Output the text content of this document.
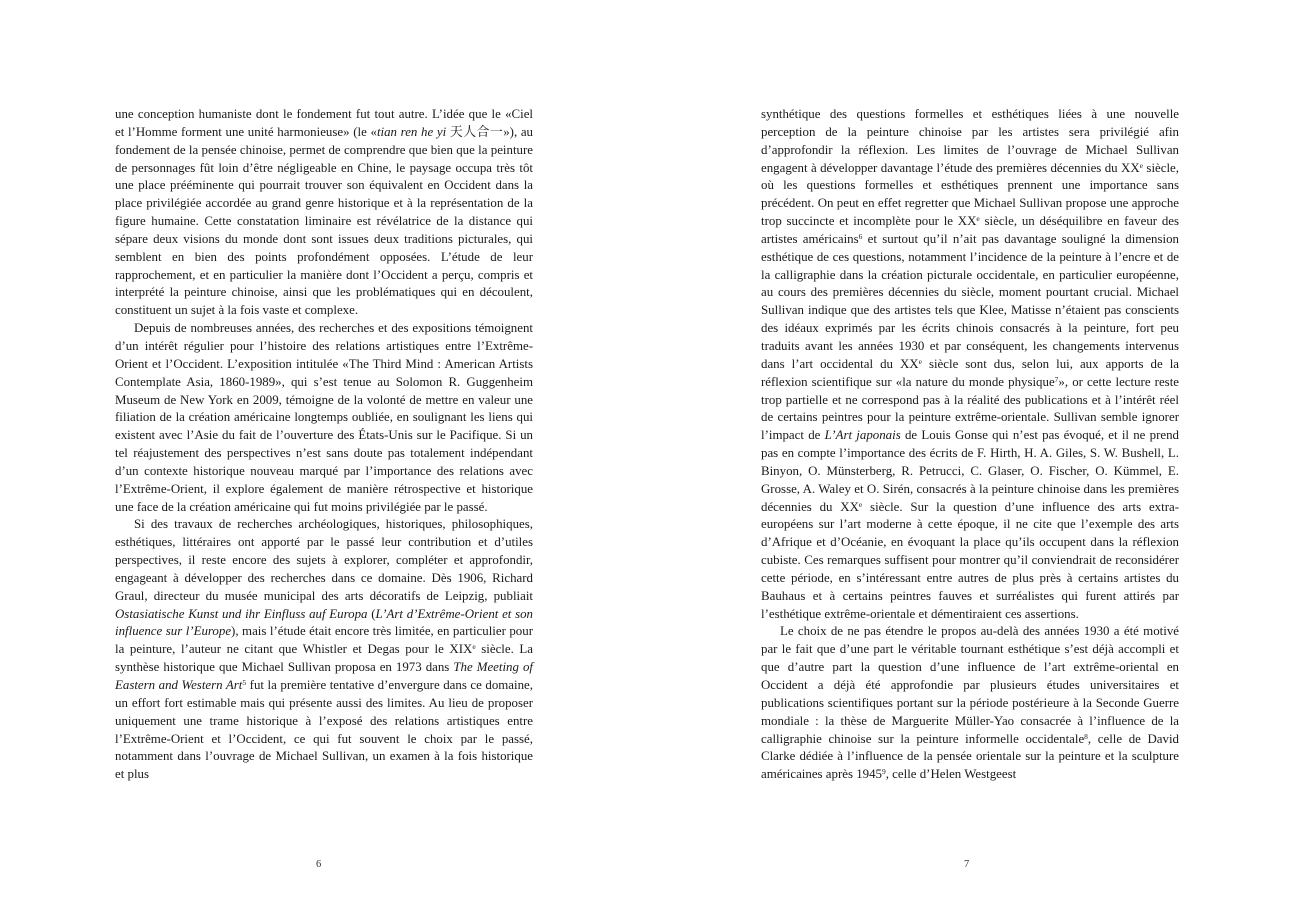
une conception humaniste dont le fondement fut tout autre. L’idée que le «Ciel et l’Homme forment une unité harmonieuse» (le «tian ren he yi 天人合一»), au fondement de la pensée chinoise, permet de comprendre que bien que la peinture de personnages fût loin d’être négligeable en Chine, le paysage occupa très tôt une place prééminente qui pourrait trouver son équivalent en Occident dans la place privilégiée accordée au grand genre historique et à la représentation de la figure humaine. Cette constatation liminaire est révélatrice de la distance qui sépare deux visions du monde dont sont issues deux traditions picturales, qui semblent en bien des points profondément opposées. L’étude de leur rapprochement, et en particulier la manière dont l’Occident a perçu, compris et interprété la peinture chinoise, ainsi que les problématiques qui en découlent, constituent un sujet à la fois vaste et complexe.

Depuis de nombreuses années, des recherches et des expositions témoignent d’un intérêt régulier pour l’histoire des relations artistiques entre l’Extrême-Orient et l’Occident. L’exposition intitulée «The Third Mind : American Artists Contemplate Asia, 1860-1989», qui s’est tenue au Solomon R. Guggenheim Museum de New York en 2009, témoigne de la volonté de mettre en valeur une filiation de la création américaine longtemps oubliée, en soulignant les liens qui existent avec l’Asie du fait de l’ouverture des États-Unis sur le Pacifique. Si un tel réajustement des perspectives n’est sans doute pas totalement indépendant d’un contexte historique nouveau marqué par l’importance des relations avec l’Extrême-Orient, il explore également de manière rétrospective et historique une face de la création américaine qui fut moins privilégiée par le passé.

Si des travaux de recherches archéologiques, historiques, philosophiques, esthétiques, littéraires ont apporté par le passé leur contribution et d’utiles perspectives, il reste encore des sujets à explorer, compléter et approfondir, engageant à développer des recherches dans ce domaine. Dès 1906, Richard Graul, directeur du musée municipal des arts décoratifs de Leipzig, publiait Ostasiatische Kunst und ihr Einfluss auf Europa (L’Art d’Extrême-Orient et son influence sur l’Europe), mais l’étude était encore très limitée, en particulier pour la peinture, l’auteur ne citant que Whistler et Degas pour le XIXe siècle. La synthèse historique que Michael Sullivan proposa en 1973 dans The Meeting of Eastern and Western Art$^5$ fut la première tentative d’envergure dans ce domaine, un effort fort estimable mais qui présente aussi des limites. Au lieu de proposer uniquement une trame historique à l’exposé des relations artistiques entre l’Extrême-Orient et l’Occident, ce qui fut souvent le choix par le passé, notamment dans l’ouvrage de Michael Sullivan, un examen à la fois historique et plus

6

synthétique des questions formelles et esthétiques liées à une nouvelle perception de la peinture chinoise par les artistes sera privilégié afin d’approfondir la réflexion. Les limites de l’ouvrage de Michael Sullivan engagent à développer davantage l’étude des premières décennies du XXe siècle, où les questions formelles et esthétiques prennent une importance sans précédent. On peut en effet regretter que Michael Sullivan propose une approche trop succincte et incomplète pour le XXe siècle, un déséquilibre en faveur des artistes américains$^6$ et surtout qu’il n’ait pas davantage souligné la dimension esthétique de ces questions, notamment l’incidence de la peinture à l’encre et de la calligraphie dans la création picturale occidentale, en particulier européenne, au cours des premières décennies du siècle, moment pourtant crucial. Michael Sullivan indique que des artistes tels que Klee, Matisse n’étaient pas conscients des idéaux exprimés par les écrits chinois consacrés à la peinture, fort peu traduits avant les années 1930 et par conséquent, les changements intervenus dans l’art occidental du XXe siècle sont dus, selon lui, aux apports de la réflexion scientifique sur «la nature du monde physique$^7$», or cette lecture reste trop partielle et ne correspond pas à la réalité des publications et à l’intérêt réel de certains peintres pour la peinture extrême-orientale. Sullivan semble ignorer l’impact de L’Art japonais de Louis Gonse qui n’est pas évoqué, et il ne prend pas en compte l’importance des écrits de F. Hirth, H. A. Giles, S. W. Bushell, L. Binyon, O. Münsterberg, R. Petrucci, C. Glaser, O. Fischer, O. Kümmel, E. Grosse, A. Waley et O. Sirén, consacrés à la peinture chinoise dans les premières décennies du XXe siècle. Sur la question d’une influence des arts extra-européens sur l’art moderne à cette époque, il ne cite que l’exemple des arts d’Afrique et d’Océanie, en évoquant la place qu’ils occupent dans la réflexion cubiste. Ces remarques suffisent pour montrer qu’il conviendrait de reconsidérer cette période, en s’intéressant entre autres de plus près à certains artistes du Bauhaus et à certains peintres fauves et surréalistes qui furent attirés par l’esthétique extrême-orientale et démentiraient ces assertions.

Le choix de ne pas étendre le propos au-delà des années 1930 a été motivé par le fait que d’une part le véritable tournant esthétique s’est déjà accompli et que d’autre part la question d’une influence de l’art extrême-oriental en Occident a déjà été approfondie par plusieurs études universitaires et publications scientifiques portant sur la période postérieure à la Seconde Guerre mondiale : la thèse de Marguerite Müller-Yao consacrée à l’influence de la calligraphie chinoise sur la peinture informelle occidentale$^8$, celle de David Clarke dédiée à l’influence de la pensée orientale sur la peinture et la sculpture américaines après 1945$^9$, celle d’Helen Westgeest

7
